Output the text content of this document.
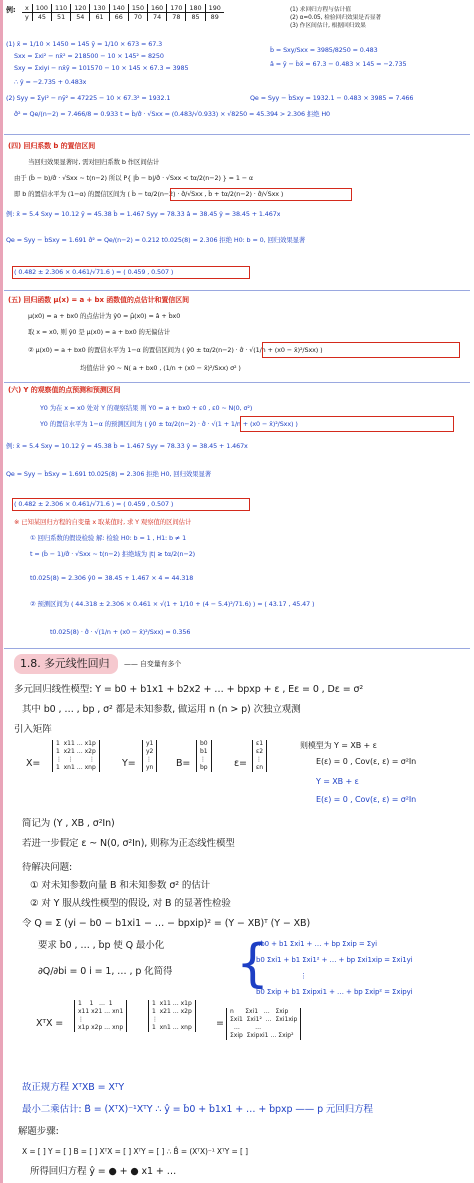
例: x	100	110	120	130	140	150	160	170	180	190
y	45	51	54	61	66	70	74	78	85	89
(1) 求回归方程与估计值
(2) α=0.05, 检验回归效果是否显著
(3) 作区间估计, 根据回归效果
(1) x̄ = 1/10 × 1450 = 145 ȳ = 1/10 × 673 = 67.3
Sxx = Σxi² − nx̄² = 218500 − 10 × 145² = 8250
Sxy = Σxiyi − nx̄ȳ = 101570 − 10 × 145 × 67.3 = 3985
b̂ = Sxy/Sxx = 3985/8250 = 0.483
â = ȳ − b̂x̄ = 67.3 − 0.483 × 145 = −2.735
∴ ŷ = −2.735 + 0.483x
(2) Syy = Σyi² − nȳ² = 47225 − 10 × 67.3² = 1932.1	Qe = Syy − b̂Sxy = 1932.1 − 0.483 × 3985 = 7.466
σ̂² = Qe/(n−2) = 7.466/8 = 0.933 t = b̂/σ̂ · √Sxx = (0.483/√0.933) × √8250 = 45.394 > 2.306 拒绝 H0
(四) 回归系数 b 的置信区间
当回归效果显著时, 需对回归系数 b 作区间估计
由于 (b̂ − b)/σ̂ · √Sxx ~ t(n−2) 所以 P{ |b̂ − b|/σ̂ · √Sxx < tα/2(n−2) } = 1 − α
即 b 的置信水平为 (1−α) 的置信区间为 ( b̂ − tα/2(n−2) · σ̂/√Sxx , b̂ + tα/2(n−2) · σ̂/√Sxx )
例: x̄ = 5.4 Sxy = 10.12 ȳ = 45.38 b̂ = 1.467 Syy = 78.33 â = 38.45 ŷ = 38.45 + 1.467x
Qe = Syy − b̂Sxy = 1.691 σ̂² = Qe/(n−2) = 0.212 t0.025(8) = 2.306 拒绝 H0: b = 0, 回归效果显著
( 0.482 ± 2.306 × 0.461/√71.6 ) = ( 0.459 , 0.507 )
(五) 回归函数 μ(x) = a + bx 函数值的点估计和置信区间
μ(x0) = a + bx0 的点估计为 ŷ0 = μ̂(x0) = â + b̂x0
取 x = x0, 则 ŷ0 是 μ(x0) = a + bx0 的无偏估计
② μ(x0) = a + bx0 的置信水平为 1−α 的置信区间为 ( ŷ0 ± tα/2(n−2) · σ̂ · √(1/n + (x0 − x̄)²/Sxx) )
均值估计 ŷ0 ~ N( a + bx0 , (1/n + (x0 − x̄)²/Sxx) σ² )
(六) Y 的观察值的点预测和预测区间
Y0 为在 x = x0 处对 Y 的观察结果 则 Y0 = a + bx0 + ε0 , ε0 ~ N(0, σ²)
Y0 的置信水平为 1−α 的预测区间为 ( ŷ0 ± tα/2(n−2) · σ̂ · √(1 + 1/n + (x0 − x̄)²/Sxx) )
例: x̄ = 5.4 Sxy = 10.12 ȳ = 45.38 b̂ = 1.467 Syy = 78.33 ŷ = 38.45 + 1.467x
Qe = Syy − b̂Sxy = 1.691 t0.025(8) = 2.306 拒绝 H0, 回归效果显著
( 0.482 ± 2.306 × 0.461/√71.6 ) = ( 0.459 , 0.507 )
※ 已知某回归方程的自变量 x 取某值时, 求 Y 观察值的区间估计
① 回归系数的假设检验 解: 检验 H0: b = 1 , H1: b ≠ 1
t = (b̂ − 1)/σ̂ · √Sxx ~ t(n−2) 拒绝域为 |t| ≥ tα/2(n−2)
t0.025(8) = 2.306 ŷ0 = 38.45 + 1.467 × 4 = 44.318
② 预测区间为 ( 44.318 ± 2.306 × 0.461 × √(1 + 1/10 + (4 − 5.4)²/71.6) ) = ( 43.17 , 45.47 )
t0.025(8) · σ̂ · √(1/n + (x0 − x̄)²/Sxx) = 0.356
1.8. 多元线性回归 —— 自变量有多个
多元回归线性模型: Y = b0 + b1x1 + b2x2 + … + bpxp + ε , Eε = 0 , Dε = σ²
其中 b0 , … , bp , σ² 都是未知参数, 做运用 n (n > p) 次独立观测
引入矩阵
X=
1  x11 … x1p
1  x21 … x2p
⋮   ⋮        ⋮
1  xn1 … xnp	Y=
y1
y2
⋮
yn	B=
b0
b1
⋮
bp	ε=
ε1
ε2
⋮
εn
则模型为 Y = XB + ε
E(ε) = 0 , Cov(ε, ε) = σ²In
Y = XB + ε
E(ε) = 0 , Cov(ε, ε) = σ²In
简记为 (Y , XB , σ²In)
若进一步假定 ε ~ N(0, σ²In), 则称为正态线性模型
待解决问题:
① 对未知参数向量 B 和未知参数 σ² 的估计
② 对 Y 服从线性模型的假设, 对 B 的显著性检验
令 Q = Σ (yi − b0 − b1xi1 − … − bpxip)² = (Y − XB)ᵀ (Y − XB)
要求 b̂0 , … , b̂p 使 Q 最小化
∂Q/∂bi = 0 i = 1, … , p 化简得 {
nb0 + b1 Σxi1 + … + bp Σxip = Σyi
b0 Σxi1 + b1 Σxi1² + … + bp Σxi1xip = Σxi1yi
⋮
b0 Σxip + b1 Σxipxi1 + … + bp Σxip² = Σxipyi
XᵀX =
1    1   …  1
x11 x21 … xn1
⋮
x1p x2p … xnp
1  x11 … x1p
1  x21 … x2p
⋮
1  xn1 … xnp	=
n      Σxi1   …   Σxip
Σxi1  Σxi1²  …  Σxi1xip
…        …
Σxip  Σxipxi1 … Σxip²
故正规方程 XᵀXB = XᵀY
最小二乘估计: B̂ = (XᵀX)⁻¹XᵀY ∴ ŷ = b̂0 + b̂1x1 + … + b̂pxp —— p 元回归方程
解题步骤:
X = [ ] Y = [ ] B = [ ] XᵀX = [ ] XᵀY = [ ] ∴ B̂ = (XᵀX)⁻¹ XᵀY = [ ]
所得回归方程 ŷ = ● + ● x1 + …
